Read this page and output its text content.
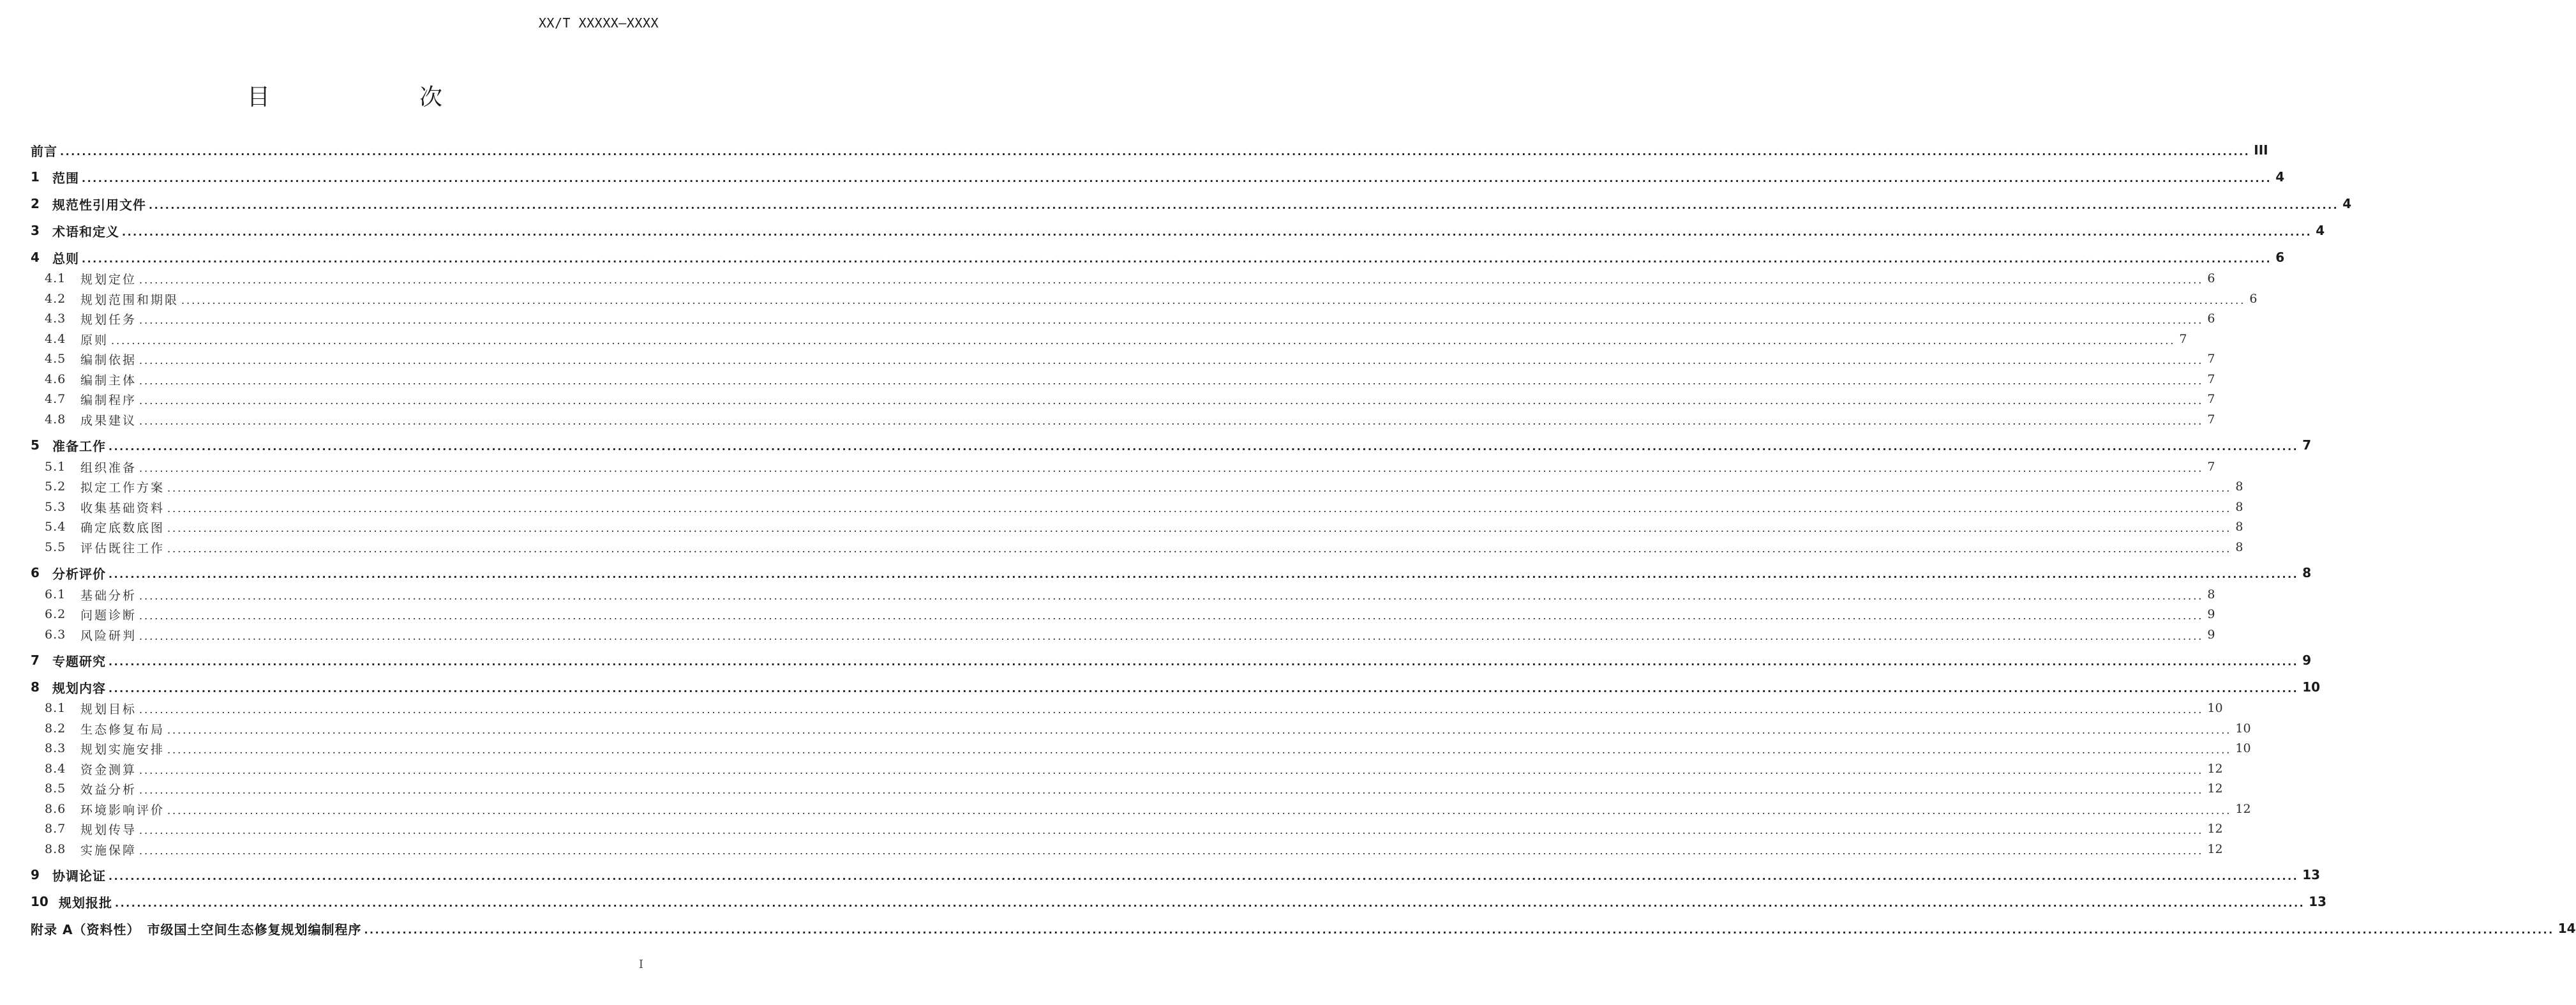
XX/T XXXXX—XXXX
目　　次
前言 ................................................................................................................................................................................................................................................................................................................................................................................................................ III
1	范围 ................................................................................................................................................................................................................................................................................................................................................................................................................ 4
2	规范性引用文件 ................................................................................................................................................................................................................................................................................................................................................................................................................ 4
3	术语和定义 ................................................................................................................................................................................................................................................................................................................................................................................................................ 4
4	总则 ................................................................................................................................................................................................................................................................................................................................................................................................................ 6
4.1	规划定位 ................................................................................................................................................................................................................................................................................................................................................................................................................ 6
4.2	规划范围和期限 ................................................................................................................................................................................................................................................................................................................................................................................................................ 6
4.3	规划任务 ................................................................................................................................................................................................................................................................................................................................................................................................................ 6
4.4	原则 ................................................................................................................................................................................................................................................................................................................................................................................................................ 7
4.5	编制依据 ................................................................................................................................................................................................................................................................................................................................................................................................................ 7
4.6	编制主体 ................................................................................................................................................................................................................................................................................................................................................................................................................ 7
4.7	编制程序 ................................................................................................................................................................................................................................................................................................................................................................................................................ 7
4.8	成果建议 ................................................................................................................................................................................................................................................................................................................................................................................................................ 7
5	准备工作 ................................................................................................................................................................................................................................................................................................................................................................................................................ 7
5.1	组织准备 ................................................................................................................................................................................................................................................................................................................................................................................................................ 7
5.2	拟定工作方案 ................................................................................................................................................................................................................................................................................................................................................................................................................ 8
5.3	收集基础资料 ................................................................................................................................................................................................................................................................................................................................................................................................................ 8
5.4	确定底数底图 ................................................................................................................................................................................................................................................................................................................................................................................................................ 8
5.5	评估既往工作 ................................................................................................................................................................................................................................................................................................................................................................................................................ 8
6	分析评价 ................................................................................................................................................................................................................................................................................................................................................................................................................ 8
6.1	基础分析 ................................................................................................................................................................................................................................................................................................................................................................................................................ 8
6.2	问题诊断 ................................................................................................................................................................................................................................................................................................................................................................................................................ 9
6.3	风险研判 ................................................................................................................................................................................................................................................................................................................................................................................................................ 9
7	专题研究 ................................................................................................................................................................................................................................................................................................................................................................................................................ 9
8	规划内容 ................................................................................................................................................................................................................................................................................................................................................................................................................ 10
8.1	规划目标 ................................................................................................................................................................................................................................................................................................................................................................................................................ 10
8.2	生态修复布局 ................................................................................................................................................................................................................................................................................................................................................................................................................ 10
8.3	规划实施安排 ................................................................................................................................................................................................................................................................................................................................................................................................................ 10
8.4	资金测算 ................................................................................................................................................................................................................................................................................................................................................................................................................ 12
8.5	效益分析 ................................................................................................................................................................................................................................................................................................................................................................................................................ 12
8.6	环境影响评价 ................................................................................................................................................................................................................................................................................................................................................................................................................ 12
8.7	规划传导 ................................................................................................................................................................................................................................................................................................................................................................................................................ 12
8.8	实施保障 ................................................................................................................................................................................................................................................................................................................................................................................................................ 12
9	协调论证 ................................................................................................................................................................................................................................................................................................................................................................................................................ 13
10 规划报批 ................................................................................................................................................................................................................................................................................................................................................................................................................ 13
附录 A（资料性）　市级国土空间生态修复规划编制程序 ................................................................................................................................................................................................................................................................................................................................................................................................................ 14
I
